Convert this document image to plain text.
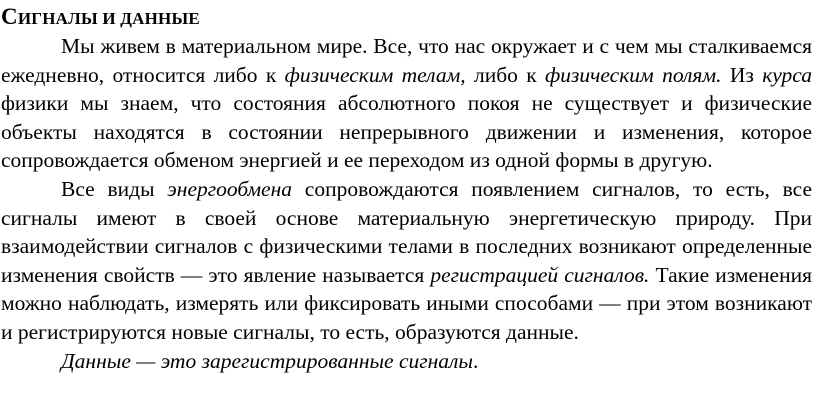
СИГНАЛЫ И ДАННЫЕ

Мы живем в материальном мире. Все, что нас окружает и с чем мы сталкиваемся ежедневно, относится либо к физическим телам, либо к физическим полям. Из курса физики мы знаем, что состояния абсолютного покоя не существует и физические объекты находятся в состоянии непрерывного движении и изменения, которое сопровождается обменом энергией и ее переходом из одной формы в другую.

Все виды энергообмена сопровождаются появлением сигналов, то есть, все сигналы имеют в своей основе материальную энергетическую природу. При взаимодействии сигналов с физическими телами в последних возникают определенные изменения свойств — это явление называется регистрацией сигналов. Такие изменения можно наблюдать, измерять или фиксировать иными способами — при этом возникают и регистрируются новые сигналы, то есть, образуются данные.

Данные — это зарегистрированные сигналы.
